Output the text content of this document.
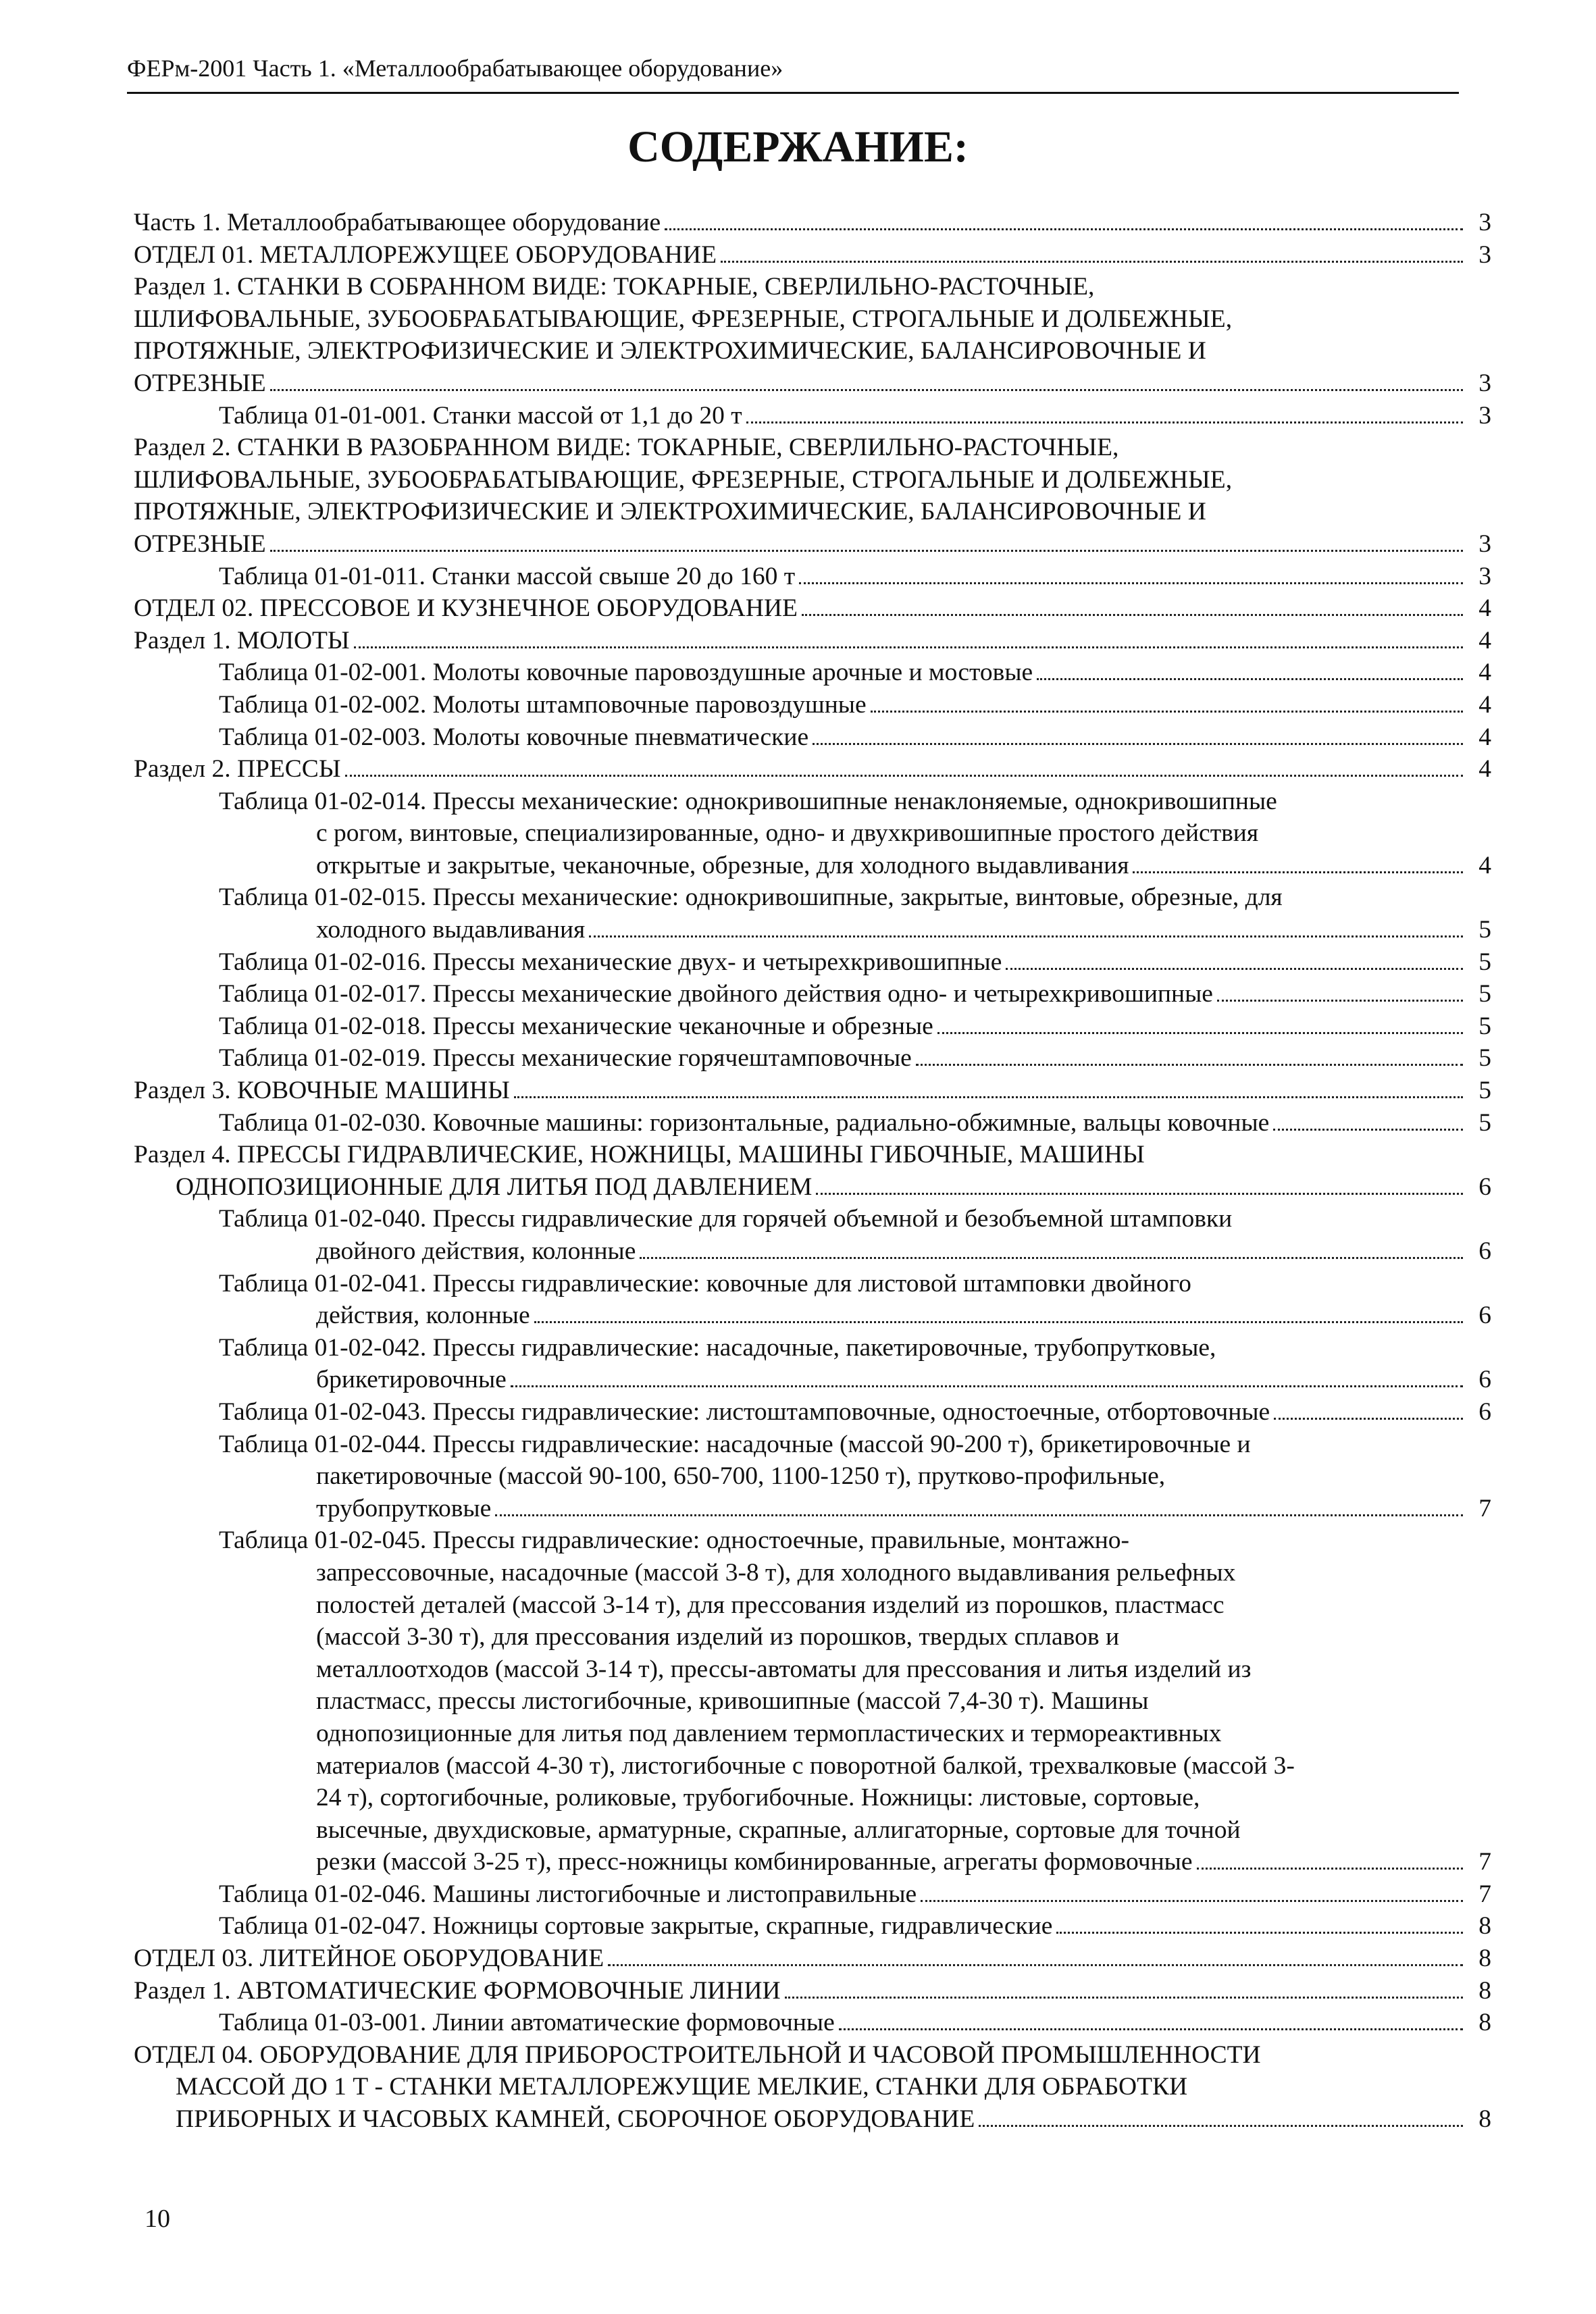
ФЕРм-2001 Часть 1. «Металлообрабатывающее оборудование»
СОДЕРЖАНИЕ:
Часть 1. Металлообрабатывающее оборудование	3
ОТДЕЛ 01. МЕТАЛЛОРЕЖУЩЕЕ ОБОРУДОВАНИЕ	3
Раздел 1. СТАНКИ В СОБРАННОМ ВИДЕ: ТОКАРНЫЕ, СВЕРЛИЛЬНО-РАСТОЧНЫЕ,
ШЛИФОВАЛЬНЫЕ, ЗУБООБРАБАТЫВАЮЩИЕ, ФРЕЗЕРНЫЕ, СТРОГАЛЬНЫЕ И ДОЛБЕЖНЫЕ,
ПРОТЯЖНЫЕ, ЭЛЕКТРОФИЗИЧЕСКИЕ И ЭЛЕКТРОХИМИЧЕСКИЕ, БАЛАНСИРОВОЧНЫЕ И
ОТРЕЗНЫЕ	3
Таблица 01-01-001. Станки массой от 1,1 до 20 т	3
Раздел 2. СТАНКИ В РАЗОБРАННОМ ВИДЕ: ТОКАРНЫЕ, СВЕРЛИЛЬНО-РАСТОЧНЫЕ,
ШЛИФОВАЛЬНЫЕ, ЗУБООБРАБАТЫВАЮЩИЕ, ФРЕЗЕРНЫЕ, СТРОГАЛЬНЫЕ И ДОЛБЕЖНЫЕ,
ПРОТЯЖНЫЕ, ЭЛЕКТРОФИЗИЧЕСКИЕ И ЭЛЕКТРОХИМИЧЕСКИЕ, БАЛАНСИРОВОЧНЫЕ И
ОТРЕЗНЫЕ	3
Таблица 01-01-011. Станки массой свыше 20 до 160 т	3
ОТДЕЛ 02. ПРЕССОВОЕ И КУЗНЕЧНОЕ ОБОРУДОВАНИЕ	4
Раздел 1. МОЛОТЫ	4
Таблица 01-02-001. Молоты ковочные паровоздушные арочные и мостовые	4
Таблица 01-02-002. Молоты штамповочные паровоздушные	4
Таблица 01-02-003. Молоты ковочные пневматические	4
Раздел 2. ПРЕССЫ	4
Таблица 01-02-014. Прессы механические: однокривошипные ненаклоняемые, однокривошипные
с рогом, винтовые, специализированные, одно- и двухкривошипные простого действия
открытые и закрытые, чеканочные, обрезные, для холодного выдавливания	4
Таблица 01-02-015. Прессы механические: однокривошипные, закрытые, винтовые, обрезные, для
холодного выдавливания	5
Таблица 01-02-016. Прессы механические двух- и четырехкривошипные	5
Таблица 01-02-017. Прессы механические двойного действия одно- и четырехкривошипные	5
Таблица 01-02-018. Прессы механические чеканочные и обрезные	5
Таблица 01-02-019. Прессы механические горячештамповочные	5
Раздел 3. КОВОЧНЫЕ МАШИНЫ	5
Таблица 01-02-030. Ковочные машины: горизонтальные, радиально-обжимные, вальцы ковочные	5
Раздел 4. ПРЕССЫ ГИДРАВЛИЧЕСКИЕ, НОЖНИЦЫ, МАШИНЫ ГИБОЧНЫЕ, МАШИНЫ
ОДНОПОЗИЦИОННЫЕ ДЛЯ ЛИТЬЯ ПОД ДАВЛЕНИЕМ	6
Таблица 01-02-040. Прессы гидравлические для горячей объемной и безобъемной штамповки
двойного действия, колонные	6
Таблица 01-02-041. Прессы гидравлические: ковочные для листовой штамповки двойного
действия, колонные	6
Таблица 01-02-042. Прессы гидравлические: насадочные, пакетировочные, трубопрутковые,
брикетировочные	6
Таблица 01-02-043. Прессы гидравлические: листоштамповочные, одностоечные, отбортовочные	6
Таблица 01-02-044. Прессы гидравлические: насадочные (массой 90-200 т), брикетировочные и
пакетировочные (массой 90-100, 650-700, 1100-1250 т), прутково-профильные,
трубопрутковые	7
Таблица 01-02-045. Прессы гидравлические: одностоечные, правильные, монтажно-
запрессовочные, насадочные (массой 3-8 т), для холодного выдавливания рельефных
полостей деталей (массой 3-14 т), для прессования изделий из порошков, пластмасс
(массой 3-30 т), для прессования изделий из порошков, твердых сплавов и
металлоотходов (массой 3-14 т), прессы-автоматы для прессования и литья изделий из
пластмасс, прессы листогибочные, кривошипные (массой 7,4-30 т). Машины
однопозиционные для литья под давлением термопластических и термореактивных
материалов (массой 4-30 т), листогибочные с поворотной балкой, трехвалковые (массой 3-
24 т), сортогибочные, роликовые, трубогибочные. Ножницы: листовые, сортовые,
высечные, двухдисковые, арматурные, скрапные, аллигаторные, сортовые для точной
резки (массой 3-25 т), пресс-ножницы комбинированные, агрегаты формовочные	7
Таблица 01-02-046. Машины листогибочные и листоправильные	7
Таблица 01-02-047. Ножницы сортовые закрытые, скрапные, гидравлические	8
ОТДЕЛ 03. ЛИТЕЙНОЕ ОБОРУДОВАНИЕ	8
Раздел 1. АВТОМАТИЧЕСКИЕ ФОРМОВОЧНЫЕ ЛИНИИ	8
Таблица 01-03-001. Линии автоматические формовочные	8
ОТДЕЛ 04. ОБОРУДОВАНИЕ ДЛЯ ПРИБОРОСТРОИТЕЛЬНОЙ И ЧАСОВОЙ ПРОМЫШЛЕННОСТИ
МАССОЙ ДО 1 Т - СТАНКИ МЕТАЛЛОРЕЖУЩИЕ МЕЛКИЕ, СТАНКИ ДЛЯ ОБРАБОТКИ
ПРИБОРНЫХ И ЧАСОВЫХ КАМНЕЙ, СБОРОЧНОЕ ОБОРУДОВАНИЕ	8
10
